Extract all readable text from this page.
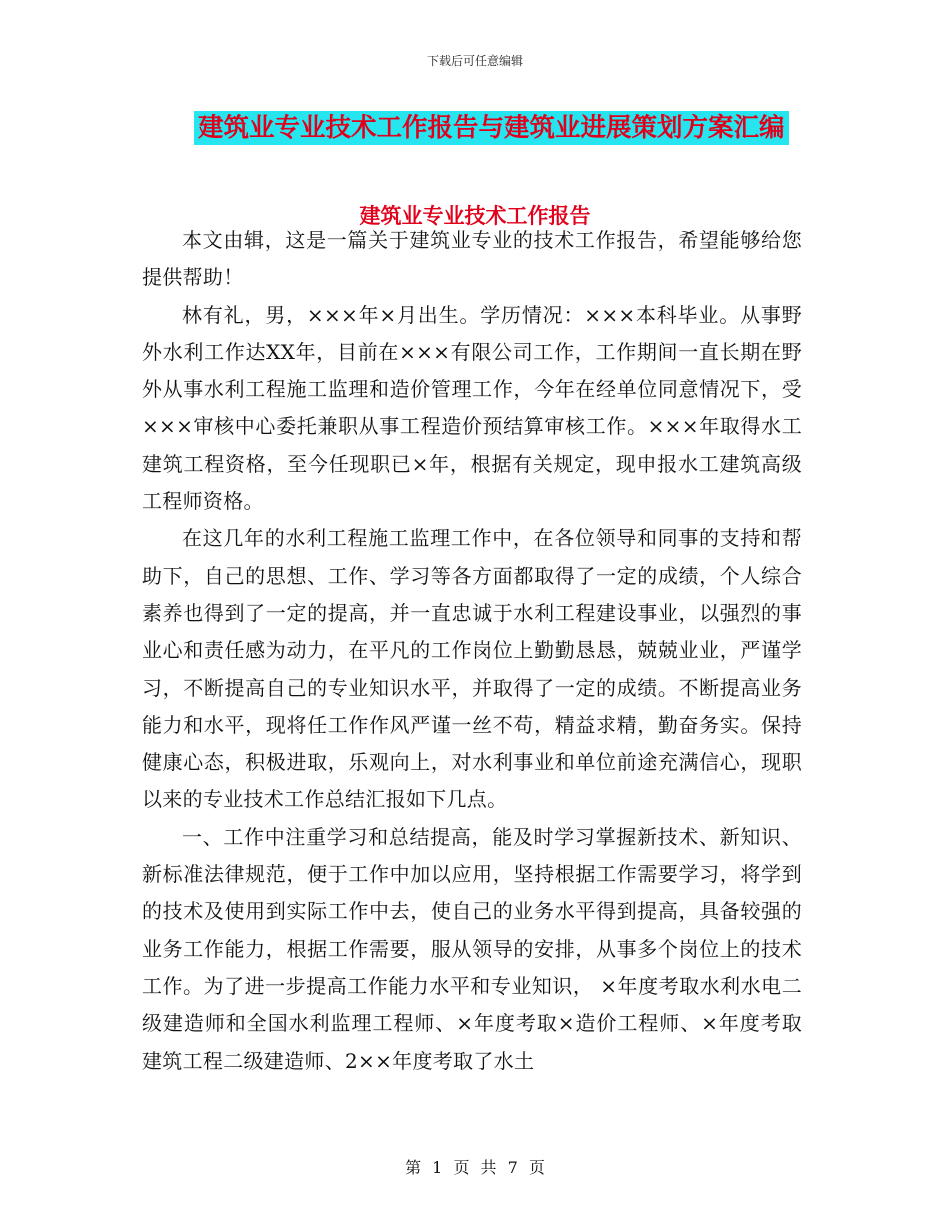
下载后可任意编辑
建筑业专业技术工作报告与建筑业进展策划方案汇编
建筑业专业技术工作报告

本文由辑，这是一篇关于建筑业专业的技术工作报告，希望能够给您提供帮助！

林有礼，男，×××年×月出生。学历情况：×××本科毕业。从事野外水利工作达XX年，目前在×××有限公司工作，工作期间一直长期在野外从事水利工程施工监理和造价管理工作，今年在经单位同意情况下，受×××审核中心委托兼职从事工程造价预结算审核工作。×××年取得水工建筑工程资格，至今任现职已×年，根据有关规定，现申报水工建筑高级工程师资格。

在这几年的水利工程施工监理工作中，在各位领导和同事的支持和帮助下，自己的思想、工作、学习等各方面都取得了一定的成绩，个人综合素养也得到了一定的提高，并一直忠诚于水利工程建设事业，以强烈的事业心和责任感为动力，在平凡的工作岗位上勤勤恳恳，兢兢业业，严谨学习，不断提高自己的专业知识水平，并取得了一定的成绩。不断提高业务能力和水平，现将任工作作风严谨一丝不苟，精益求精，勤奋务实。保持健康心态，积极进取，乐观向上，对水利事业和单位前途充满信心，现职以来的专业技术工作总结汇报如下几点。

一、工作中注重学习和总结提高，能及时学习掌握新技术、新知识、新标准法律规范，便于工作中加以应用，坚持根据工作需要学习，将学到的技术及使用到实际工作中去，使自己的业务水平得到提高，具备较强的业务工作能力，根据工作需要，服从领导的安排，从事多个岗位上的技术工作。为了进一步提高工作能力水平和专业知识， ×年度考取水利水电二级建造师和全国水利监理工程师、×年度考取×造价工程师、×年度考取建筑工程二级建造师、2××年度考取了水土

第 1 页 共 7 页
